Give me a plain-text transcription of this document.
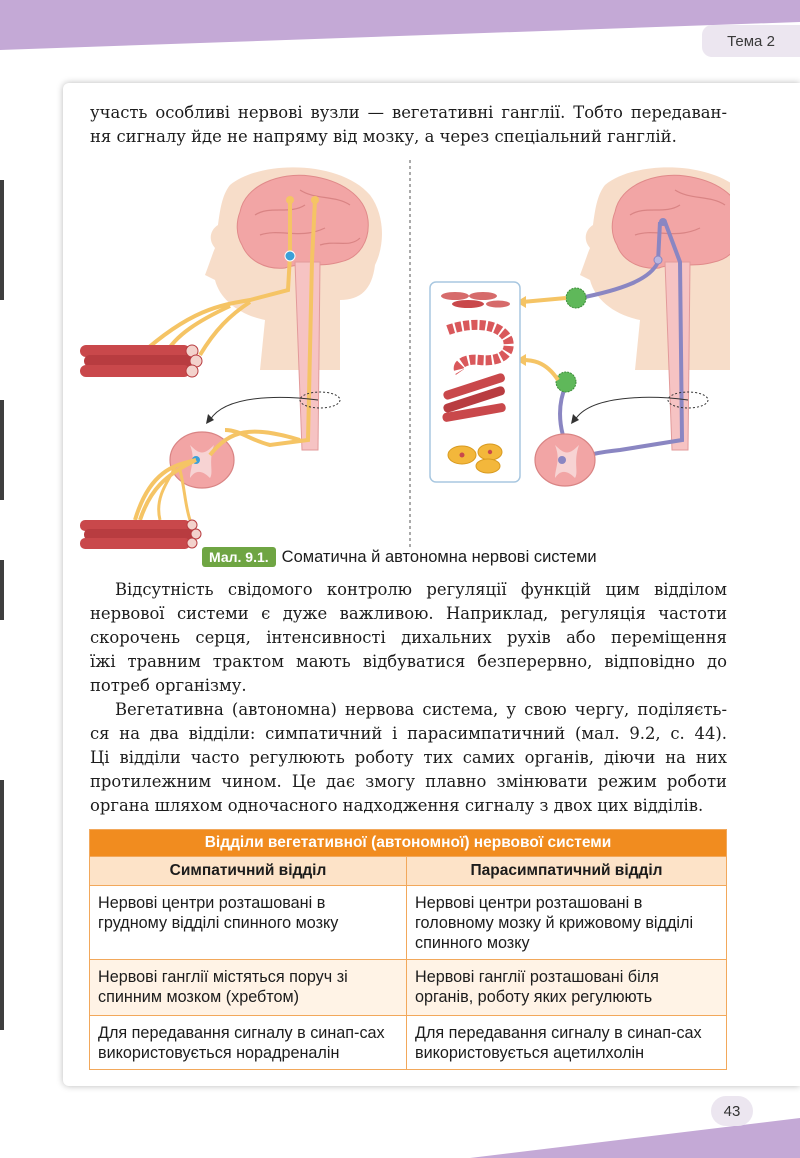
Тема 2
участь особливі нервові вузли — вегетативні ганглії. Тобто передаван-
ня сигналу йде не напряму від мозку, а через спеціальний ганглій.
Мал. 9.1. Соматична й автономна нервові системи
Відсутність свідомого контролю регуляції функцій цим відділом
нервової системи є дуже важливою. Наприклад, регуляція частоти
скорочень серця, інтенсивності дихальних рухів або переміщення
їжі травним трактом мають відбуватися безперервно, відповідно до
потреб організму.
Вегетативна (автономна) нервова система, у свою чергу, поділяєть-
ся на два відділи: симпатичний і парасимпатичний (мал. 9.2, с. 44).
Ці відділи часто регулюють роботу тих самих органів, діючи на них
протилежним чином. Це дає змогу плавно змінювати режим роботи
органа шляхом одночасного надходження сигналу з двох цих відділів.
Відділи вегетативної (автономної) нервової системи	
Симпатичний відділ	Парасимпатичний відділ
Нервові центри розташовані в грудному відділі спинного мозку	Нервові центри розташовані в головному мозку й крижовому відділі спинного мозку
Нервові ганглії містяться поруч зі спинним мозком (хребтом)	Нервові ганглії розташовані біля органів, роботу яких регулюють
Для передавання сигналу в синап-сах використовується норадреналін	Для передавання сигналу в синап-сах використовується ацетилхолін
43
